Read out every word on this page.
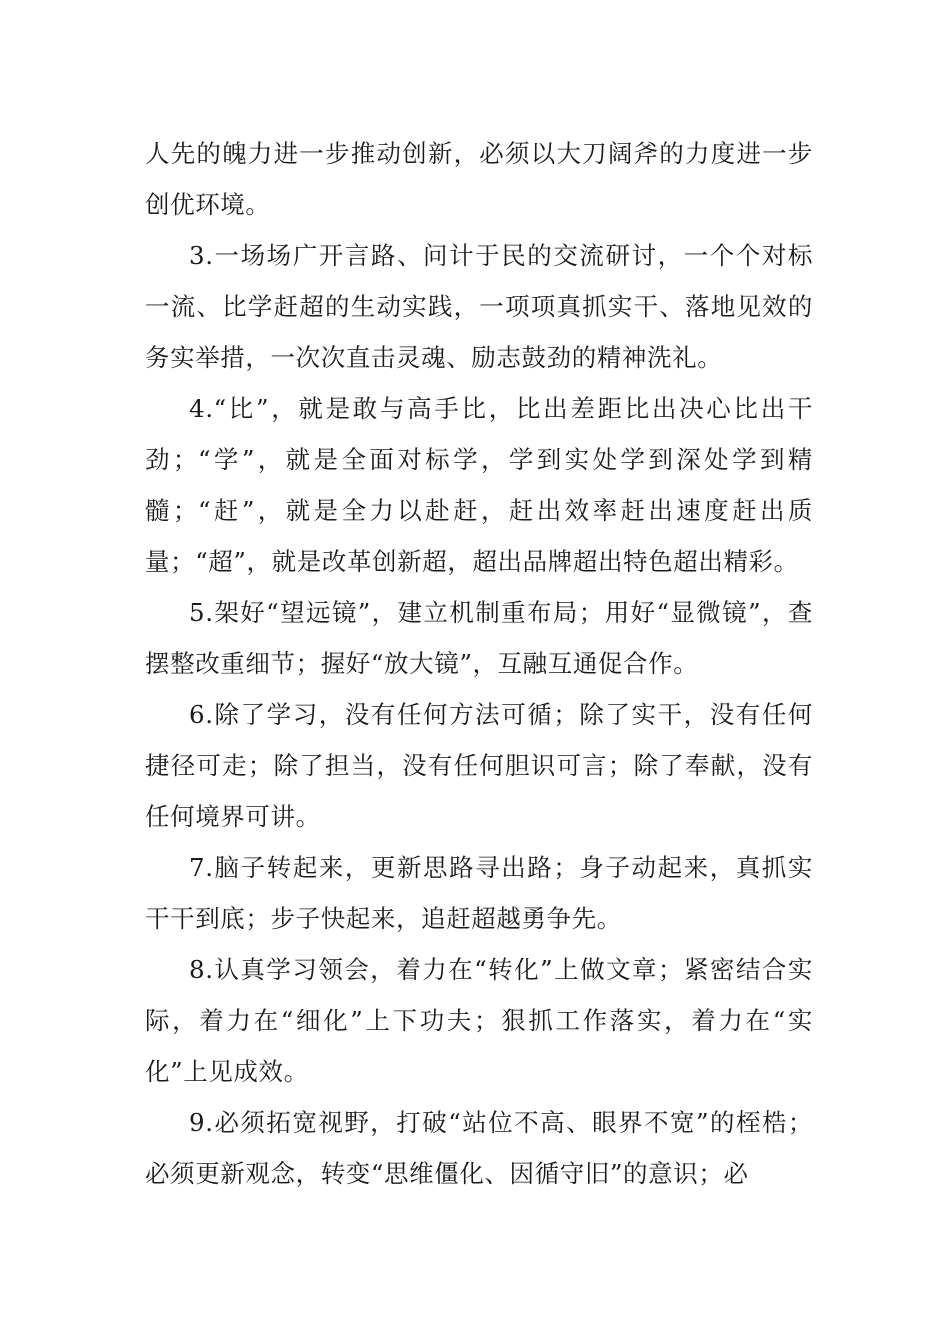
人先的魄力进一步推动创新，必须以大刀阔斧的力度进一步创优环境。

3.一场场广开言路、问计于民的交流研讨，一个个对标一流、比学赶超的生动实践，一项项真抓实干、落地见效的务实举措，一次次直击灵魂、励志鼓劲的精神洗礼。

4.“比”，就是敢与高手比，比出差距比出决心比出干劲；“学”，就是全面对标学，学到实处学到深处学到精髓；“赶”，就是全力以赴赶，赶出效率赶出速度赶出质量；“超”，就是改革创新超，超出品牌超出特色超出精彩。

5.架好“望远镜”，建立机制重布局；用好“显微镜”，查摆整改重细节；握好“放大镜”，互融互通促合作。

6.除了学习，没有任何方法可循；除了实干，没有任何捷径可走；除了担当，没有任何胆识可言；除了奉献，没有任何境界可讲。

7.脑子转起来，更新思路寻出路；身子动起来，真抓实干干到底；步子快起来，追赶超越勇争先。

8.认真学习领会，着力在“转化”上做文章；紧密结合实际，着力在“细化”上下功夫；狠抓工作落实，着力在“实化”上见成效。

9.必须拓宽视野，打破“站位不高、眼界不宽”的桎梏；必须更新观念，转变“思维僵化、因循守旧”的意识；必
